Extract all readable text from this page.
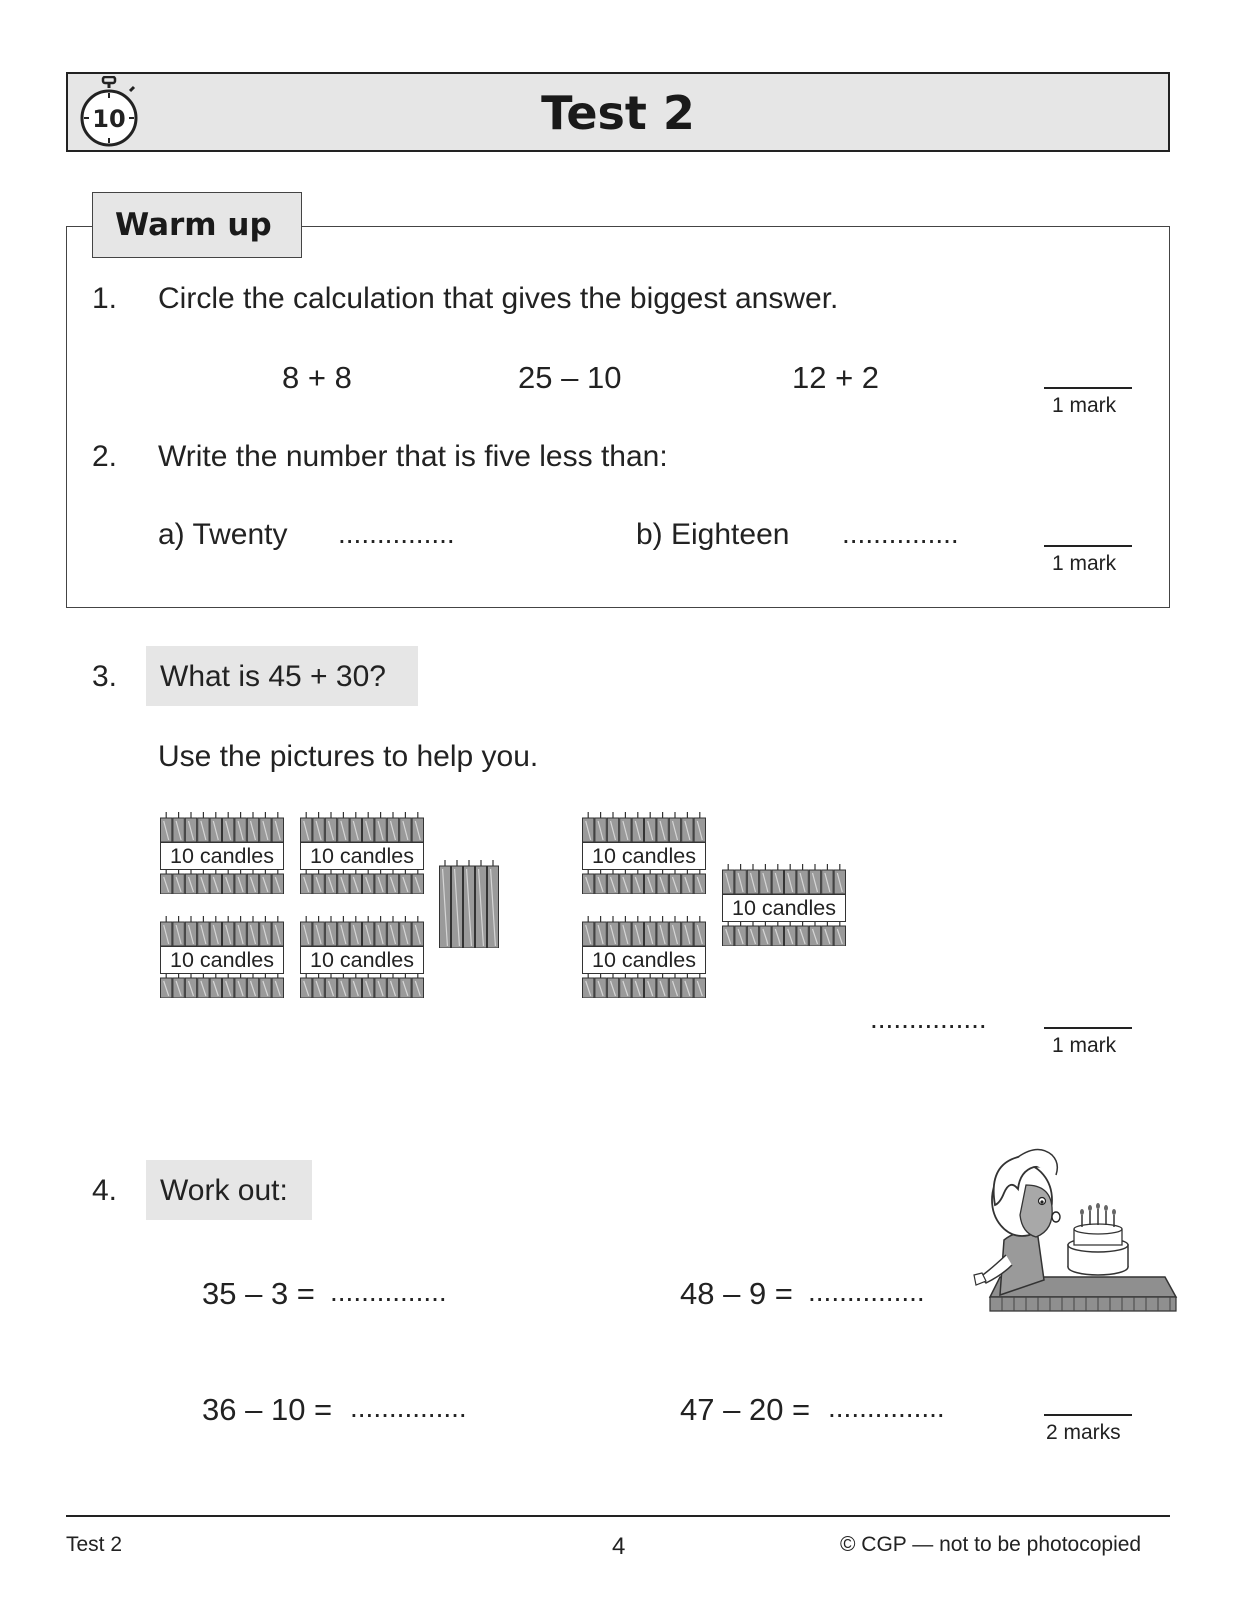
10	Test 2
Warm up
1. Circle the calculation that gives the biggest answer.
8 + 8	25 – 10	12 + 2
1 mark
2. Write the number that is five less than:
a) Twenty ...............	b) Eighteen ...............
1 mark
3. What is 45 + 30?
Use the pictures to help you.
10 candles	10 candles
10 candles	10 candles
10 candles
10 candles
10 candles
...............
1 mark
4. Work out:
35 – 3 = ...............	48 – 9 = ...............
36 – 10 = ...............	47 – 20 = ...............
2 marks
Test 2	4	© CGP — not to be photocopied
